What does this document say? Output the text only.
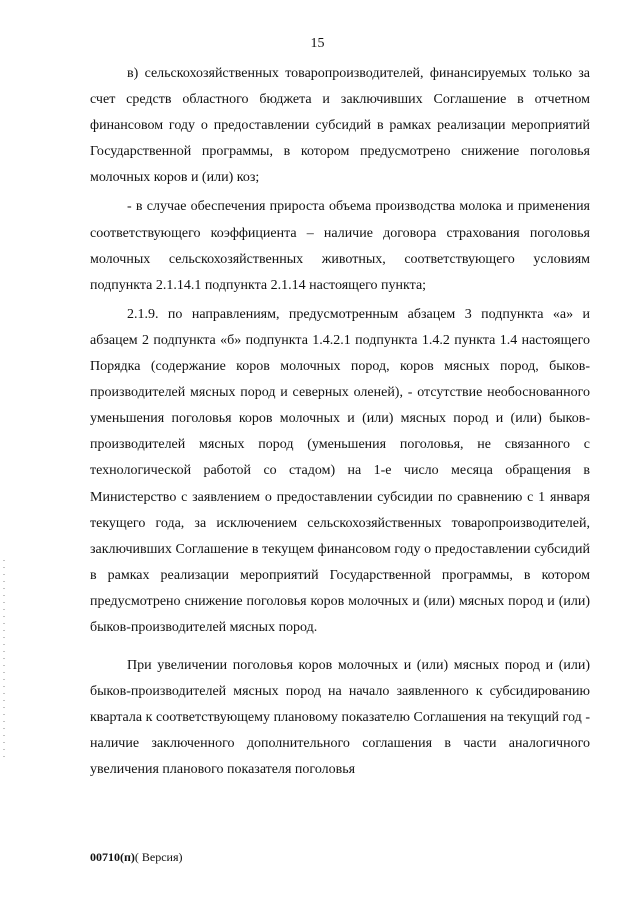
15

в) сельскохозяйственных товаропроизводителей, финансируемых только за счет средств областного бюджета и заключивших Соглашение в отчетном финансовом году о предоставлении субсидий в рамках реализации мероприятий Государственной программы, в котором предусмотрено снижение поголовья молочных коров и (или) коз;

- в случае обеспечения прироста объема производства молока и применения соответствующего коэффициента – наличие договора страхования поголовья молочных сельскохозяйственных животных, соответствующего условиям подпункта 2.1.14.1 подпункта 2.1.14 настоящего пункта;

2.1.9. по направлениям, предусмотренным абзацем 3 подпункта «а» и абзацем 2 подпункта «б» подпункта 1.4.2.1 подпункта 1.4.2 пункта 1.4 настоящего Порядка (содержание коров молочных пород, коров мясных пород, быков-производителей мясных пород и северных оленей), - отсутствие необоснованного уменьшения поголовья коров молочных и (или) мясных пород и (или) быков-производителей мясных пород (уменьшения поголовья, не связанного с технологической работой со стадом) на 1-е число месяца обращения в Министерство с заявлением о предоставлении субсидии по сравнению с 1 января текущего года, за исключением сельскохозяйственных товаропроизводителей, заключивших Соглашение в текущем финансовом году о предоставлении субсидий в рамках реализации мероприятий Государственной программы, в котором предусмотрено снижение поголовья коров молочных и (или) мясных пород и (или) быков-производителей мясных пород.

При увеличении поголовья коров молочных и (или) мясных пород и (или) быков-производителей мясных пород на начало заявленного к субсидированию квартала к соответствующему плановому показателю Соглашения на текущий год - наличие заключенного дополнительного соглашения в части аналогичного увеличения планового показателя поголовья

00710(п)( Версия)
